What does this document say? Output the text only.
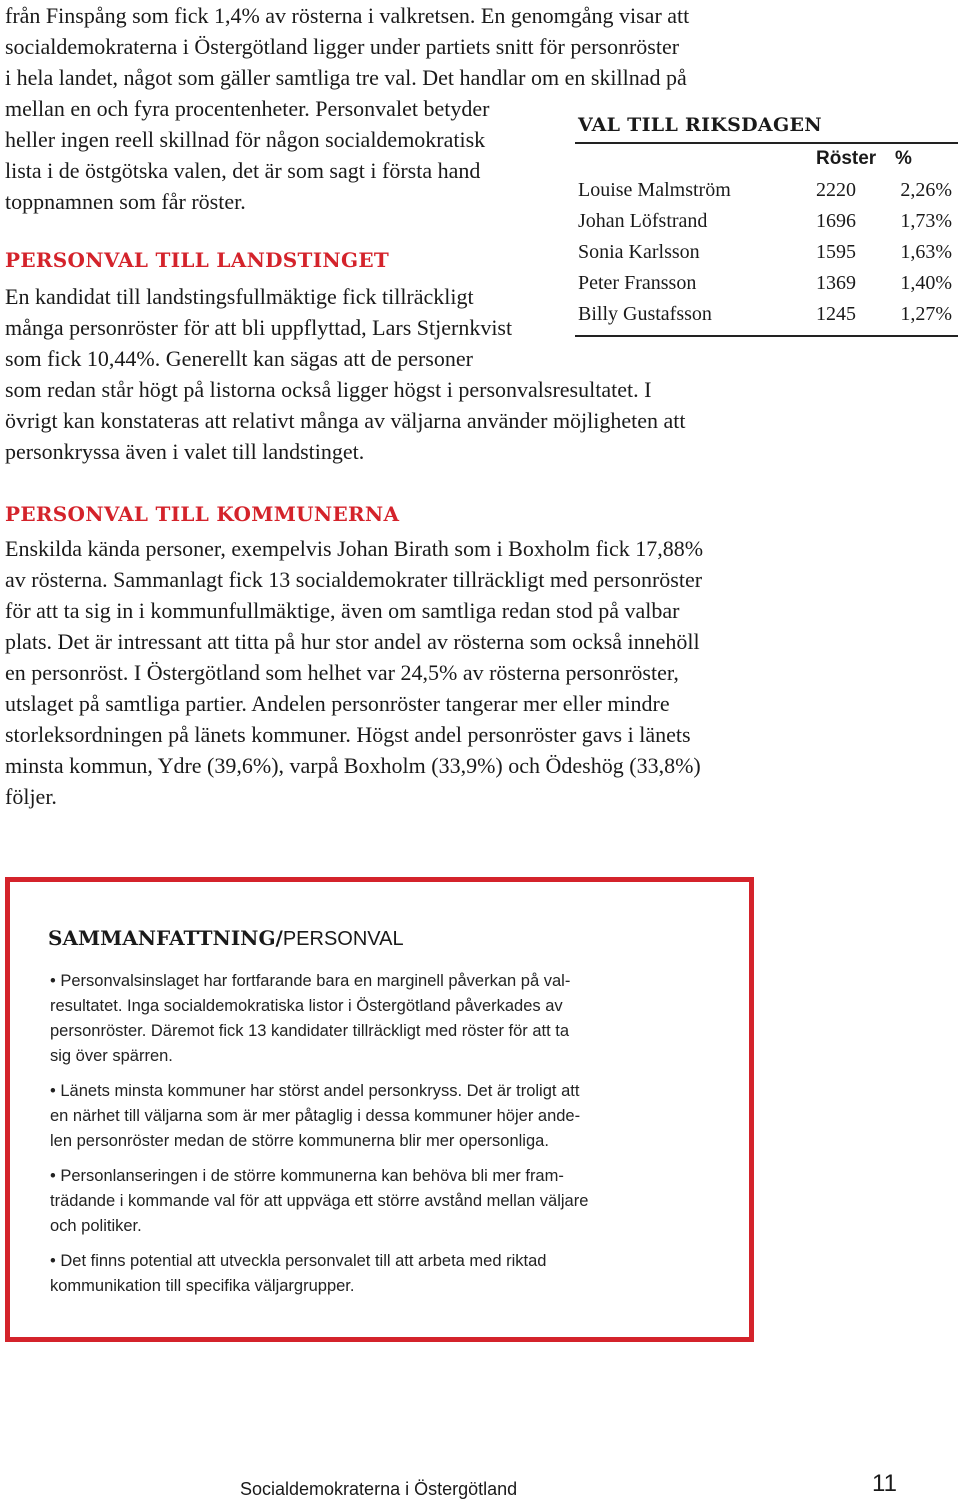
från Finspång som fick 1,4% av rösterna i valkretsen. En genomgång visar att
socialdemokraterna i Östergötland ligger under partiets snitt för personröster
i hela landet, något som gäller samtliga tre val. Det handlar om en skillnad på
mellan en och fyra procentenheter. Personvalet betyder
heller ingen reell skillnad för någon socialdemokratisk
lista i de östgötska valen, det är som sagt i första hand
toppnamnen som får röster.
VAL TILL RIKSDAGEN
Röster %
Louise Malmström	2220 2,26%
Johan Löfstrand	1696 1,73%
Sonia Karlsson	1595 1,63%
Peter Fransson	1369 1,40%
Billy Gustafsson	1245 1,27%
PERSONVAL TILL LANDSTINGET
En kandidat till landstingsfullmäktige fick tillräckligt
många personröster för att bli uppflyttad, Lars Stjernkvist
som fick 10,44%. Generellt kan sägas att de personer
som redan står högt på listorna också ligger högst i personvalsresultatet. I
övrigt kan konstateras att relativt många av väljarna använder möjligheten att
personkryssa även i valet till landstinget.
PERSONVAL TILL KOMMUNERNA
Enskilda kända personer, exempelvis Johan Birath som i Boxholm fick 17,88%
av rösterna. Sammanlagt fick 13 socialdemokrater tillräckligt med personröster
för att ta sig in i kommunfullmäktige, även om samtliga redan stod på valbar
plats. Det är intressant att titta på hur stor andel av rösterna som också innehöll
en personröst. I Östergötland som helhet var 24,5% av rösterna personröster,
utslaget på samtliga partier. Andelen personröster tangerar mer eller mindre
storleksordningen på länets kommuner. Högst andel personröster gavs i länets
minsta kommun, Ydre (39,6%), varpå Boxholm (33,9%) och Ödeshög (33,8%)
följer.
SAMMANFATTNING/PERSONVAL
• Personvalsinslaget har fortfarande bara en marginell påverkan på val-
resultatet. Inga socialdemokratiska listor i Östergötland påverkades av
personröster. Däremot fick 13 kandidater tillräckligt med röster för att ta
sig över spärren.
• Länets minsta kommuner har störst andel personkryss. Det är troligt att
en närhet till väljarna som är mer påtaglig i dessa kommuner höjer ande-
len personröster medan de större kommunerna blir mer opersonliga.
• Personlanseringen i de större kommunerna kan behöva bli mer fram-
trädande i kommande val för att uppväga ett större avstånd mellan väljare
och politiker.
• Det finns potential att utveckla personvalet till att arbeta med riktad
kommunikation till specifika väljargrupper.
Socialdemokraterna i Östergötland	11
